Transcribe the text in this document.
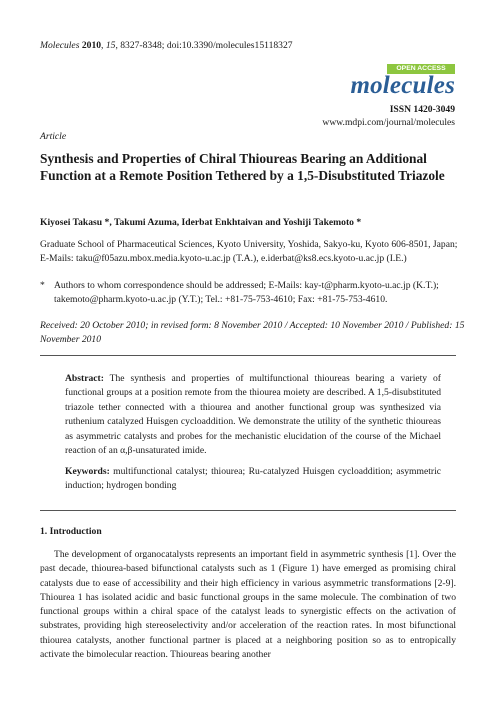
Molecules 2010, 15, 8327-8348; doi:10.3390/molecules15118327
OPEN ACCESS
molecules
ISSN 1420-3049
www.mdpi.com/journal/molecules
Article
Synthesis and Properties of Chiral Thioureas Bearing an Additional Function at a Remote Position Tethered by a 1,5-Disubstituted Triazole
Kiyosei Takasu *, Takumi Azuma, Iderbat Enkhtaivan and Yoshiji Takemoto *
Graduate School of Pharmaceutical Sciences, Kyoto University, Yoshida, Sakyo-ku, Kyoto 606-8501, Japan; E-Mails: taku@f05azu.mbox.media.kyoto-u.ac.jp (T.A.), e.iderbat@ks8.ecs.kyoto-u.ac.jp (I.E.)
* Authors to whom correspondence should be addressed; E-Mails: kay-t@pharm.kyoto-u.ac.jp (K.T.); takemoto@pharm.kyoto-u.ac.jp (Y.T.); Tel.: +81-75-753-4610; Fax: +81-75-753-4610.
Received: 20 October 2010; in revised form: 8 November 2010 / Accepted: 10 November 2010 / Published: 15 November 2010
Abstract: The synthesis and properties of multifunctional thioureas bearing a variety of functional groups at a position remote from the thiourea moiety are described. A 1,5-disubstituted triazole tether connected with a thiourea and another functional group was synthesized via ruthenium catalyzed Huisgen cycloaddition. We demonstrate the utility of the synthetic thioureas as asymmetric catalysts and probes for the mechanistic elucidation of the course of the Michael reaction of an α,β-unsaturated imide.
Keywords: multifunctional catalyst; thiourea; Ru-catalyzed Huisgen cycloaddition; asymmetric induction; hydrogen bonding
1. Introduction
The development of organocatalysts represents an important field in asymmetric synthesis [1]. Over the past decade, thiourea-based bifunctional catalysts such as 1 (Figure 1) have emerged as promising chiral catalysts due to ease of accessibility and their high efficiency in various asymmetric transformations [2-9]. Thiourea 1 has isolated acidic and basic functional groups in the same molecule. The combination of two functional groups within a chiral space of the catalyst leads to synergistic effects on the activation of substrates, providing high stereoselectivity and/or acceleration of the reaction rates. In most bifunctional thiourea catalysts, another functional partner is placed at a neighboring position so as to entropically activate the bimolecular reaction. Thioureas bearing another
